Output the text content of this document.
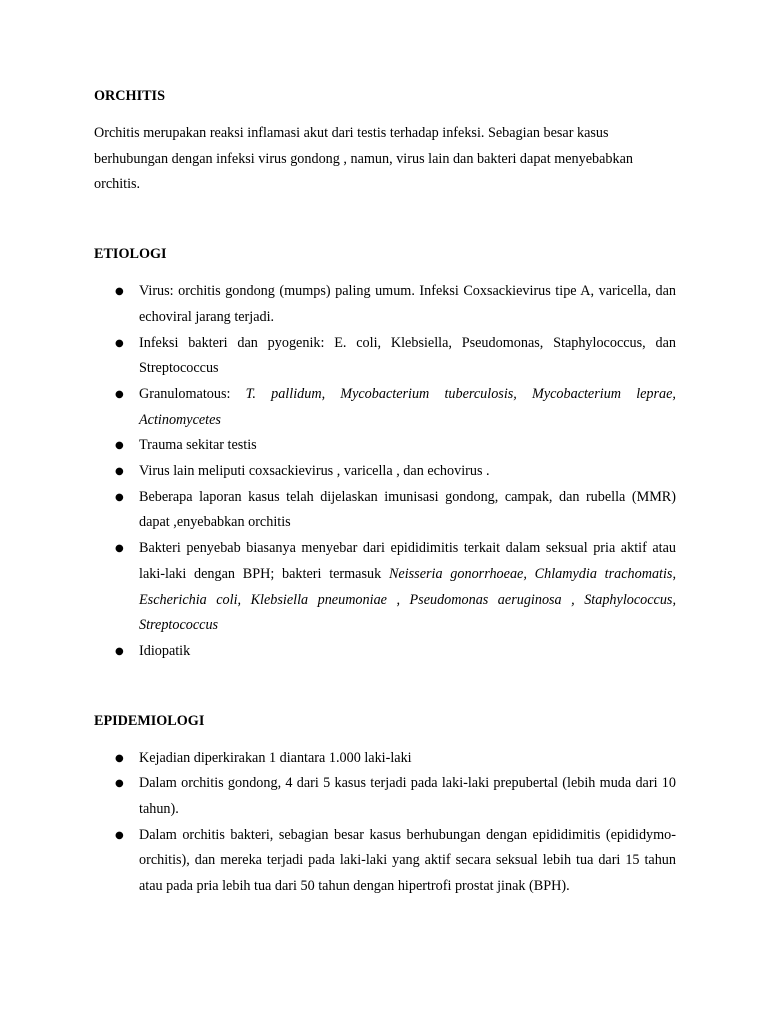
ORCHITIS

Orchitis merupakan reaksi inflamasi akut dari testis terhadap infeksi. Sebagian besar kasus berhubungan dengan infeksi virus gondong , namun, virus lain dan bakteri dapat menyebabkan orchitis.

ETIOLOGI
● Virus: orchitis gondong (mumps) paling umum. Infeksi Coxsackievirus tipe A, varicella, dan echoviral jarang terjadi.
● Infeksi bakteri dan pyogenik: E. coli, Klebsiella, Pseudomonas, Staphylococcus, dan Streptococcus
● Granulomatous: T. pallidum, Mycobacterium tuberculosis, Mycobacterium leprae, Actinomycetes
● Trauma sekitar testis
● Virus lain meliputi coxsackievirus , varicella , dan echovirus .
● Beberapa laporan kasus telah dijelaskan imunisasi gondong, campak, dan rubella (MMR) dapat ,enyebabkan orchitis
● Bakteri penyebab biasanya menyebar dari epididimitis terkait dalam seksual pria aktif atau laki-laki dengan BPH; bakteri termasuk Neisseria gonorrhoeae, Chlamydia trachomatis, Escherichia coli, Klebsiella pneumoniae , Pseudomonas aeruginosa , Staphylococcus, Streptococcus
● Idiopatik
EPIDEMIOLOGI
● Kejadian diperkirakan 1 diantara 1.000 laki-laki
● Dalam orchitis gondong, 4 dari 5 kasus terjadi pada laki-laki prepubertal (lebih muda dari 10 tahun).
● Dalam orchitis bakteri, sebagian besar kasus berhubungan dengan epididimitis (epididymo-orchitis), dan mereka terjadi pada laki-laki yang aktif secara seksual lebih tua dari 15 tahun atau pada pria lebih tua dari 50 tahun dengan hipertrofi prostat jinak (BPH).
